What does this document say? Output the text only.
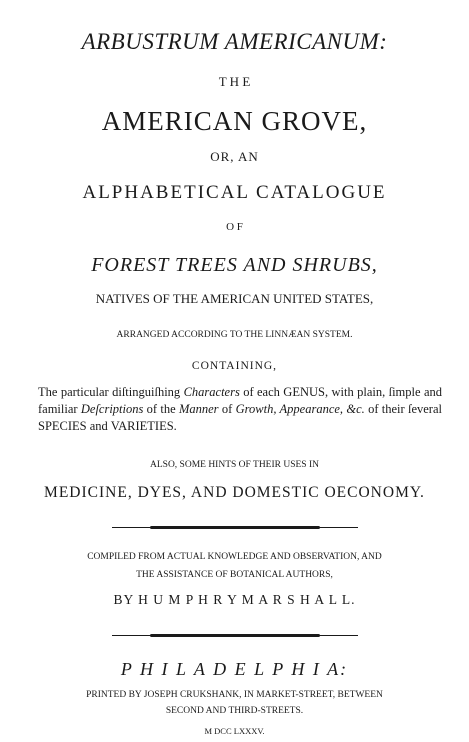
ARBUSTRUM AMERICANUM:
T H E
AMERICAN GROVE,
OR, AN
ALPHABETICAL CATALOGUE
O F
FOREST TREES AND SHRUBS,
NATIVES OF THE AMERICAN UNITED STATES,
ARRANGED ACCORDING TO THE LINNÆAN SYSTEM.
CONTAINING,
The particular diſtinguiſhing Characters of each GENUS, with plain, ſimple and familiar Deſcriptions of the Manner of Growth, Appearance, &c. of their ſeveral SPECIES and VARIETIES.
ALSO, SOME HINTS OF THEIR USES IN
MEDICINE, DYES, AND DOMESTIC OECONOMY.
COMPILED FROM ACTUAL KNOWLEDGE AND OBSERVATION, AND
THE ASSISTANCE OF BOTANICAL AUTHORS,
BY H U M P H R Y M A R S H A L L.
P H I L A D E L P H I A:
PRINTED BY JOSEPH CRUKSHANK, IN MARKET-STREET, BETWEEN
SECOND AND THIRD-STREETS.
M DCC LXXXV.
